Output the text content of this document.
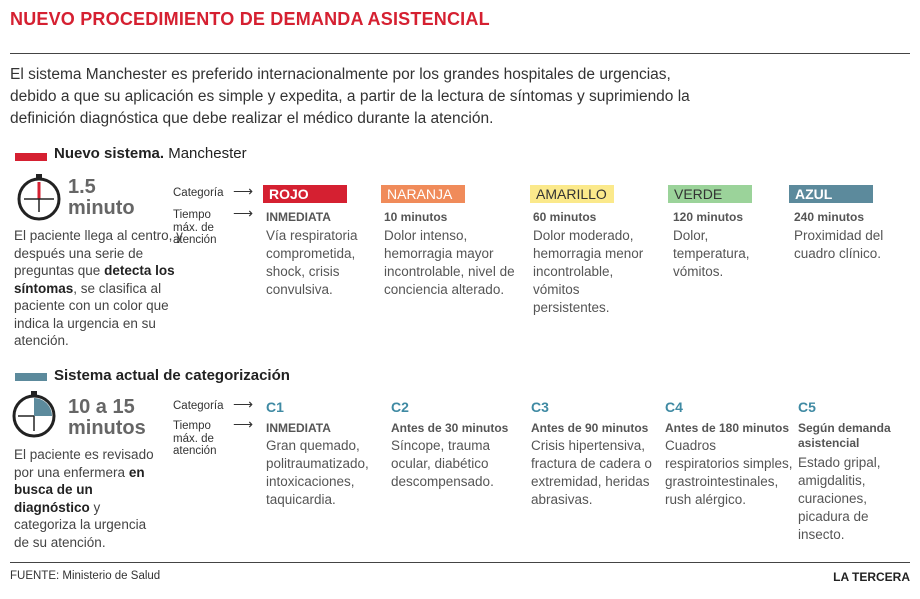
NUEVO PROCEDIMIENTO DE DEMANDA ASISTENCIAL
El sistema Manchester es preferido internacionalmente por los grandes hospitales de urgencias,
debido a que su aplicación es simple y expedita, a partir de la lectura de síntomas y suprimiendo la
definición diagnóstica que debe realizar el médico durante la atención.
Nuevo sistema. Manchester
1.5
minuto
El paciente llega al centro, y después una serie de preguntas que detecta los síntomas, se clasifica al paciente con un color que indica la urgencia en su atención.
Categoría ⟶
Tiempo máx. de atención
⟶
ROJO
INMEDIATA
Vía respiratoria comprometida, shock, crisis convulsiva.
NARANJA
10 minutos
Dolor intenso, hemorragia mayor incontrolable, nivel de conciencia alterado.
AMARILLO
60 minutos
Dolor moderado, hemorragia menor incontrolable, vómitos persistentes.
VERDE
120 minutos
Dolor, temperatura, vómitos.
AZUL
240 minutos
Proximidad del cuadro clínico.
Sistema actual de categorización
10 a 15
minutos
El paciente es revisado por una enfermera en busca de un diagnóstico y categoriza la urgencia de su atención.
Categoría ⟶
Tiempo máx. de atención
⟶
C1
INMEDIATA
Gran quemado, politraumatizado, intoxicaciones, taquicardia.
C2
Antes de 30 minutos
Síncope, trauma ocular, diabético descompensado.
C3
Antes de 90 minutos
Crisis hipertensiva, fractura de cadera o extremidad, heridas abrasivas.
C4
Antes de 180 minutos
Cuadros respiratorios simples, grastrointestinales, rush alérgico.
C5
Según demanda asistencial
Estado gripal, amigdalitis, curaciones, picadura de insecto.
FUENTE: Ministerio de Salud	LA TERCERA
